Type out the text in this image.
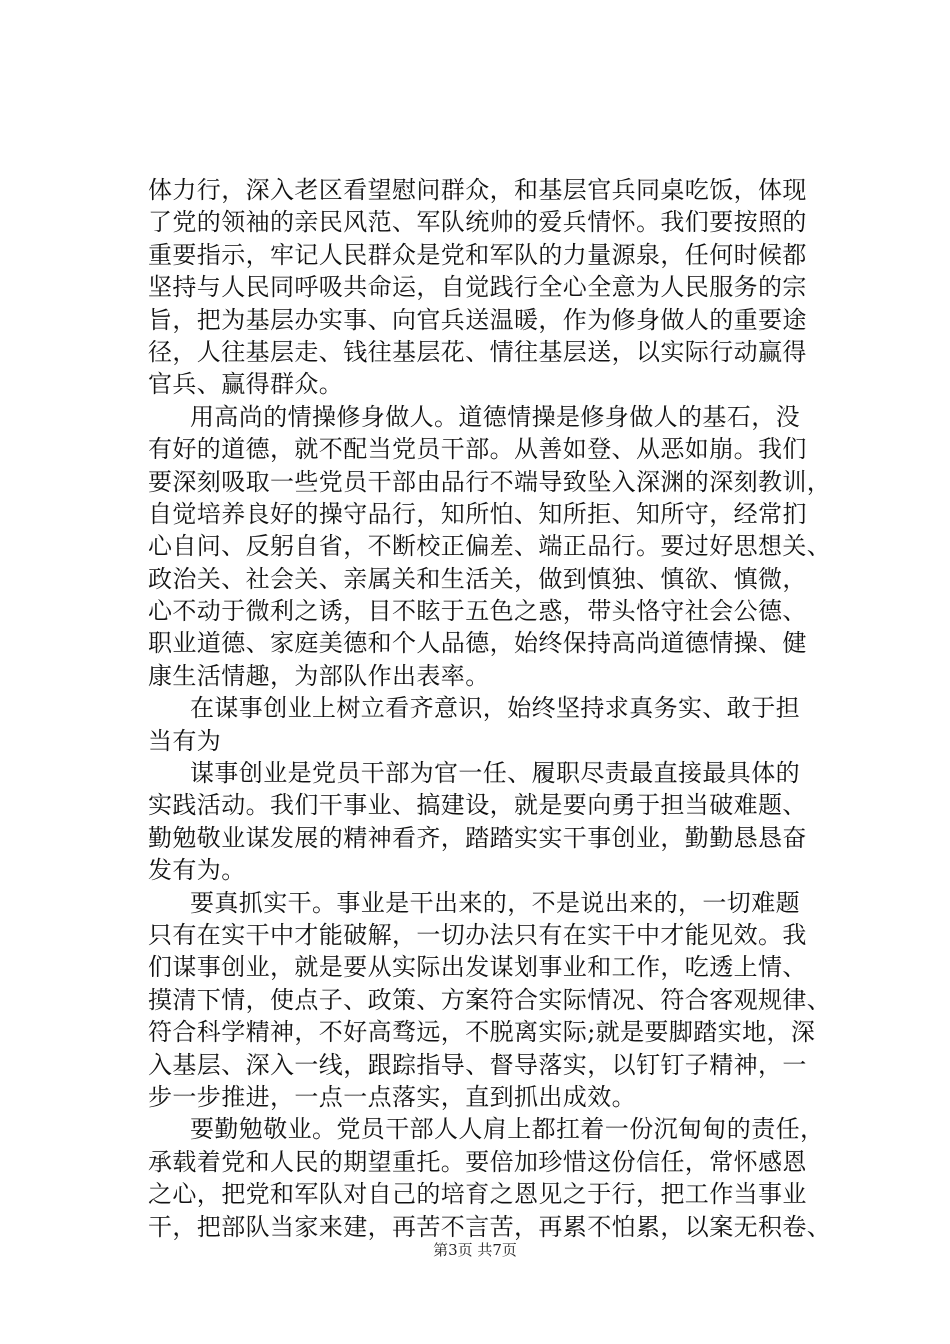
体力行，深入老区看望慰问群众，和基层官兵同桌吃饭，体现
了党的领袖的亲民风范、军队统帅的爱兵情怀。我们要按照的
重要指示，牢记人民群众是党和军队的力量源泉，任何时候都
坚持与人民同呼吸共命运，自觉践行全心全意为人民服务的宗
旨，把为基层办实事、向官兵送温暖，作为修身做人的重要途
径，人往基层走、钱往基层花、情往基层送，以实际行动赢得
官兵、赢得群众。
用高尚的情操修身做人。道德情操是修身做人的基石，没
有好的道德，就不配当党员干部。从善如登、从恶如崩。我们
要深刻吸取一些党员干部由品行不端导致坠入深渊的深刻教训，
自觉培养良好的操守品行，知所怕、知所拒、知所守，经常扪
心自问、反躬自省，不断校正偏差、端正品行。要过好思想关、
政治关、社会关、亲属关和生活关，做到慎独、慎欲、慎微，
心不动于微利之诱，目不眩于五色之惑，带头恪守社会公德、
职业道德、家庭美德和个人品德，始终保持高尚道德情操、健
康生活情趣，为部队作出表率。
在谋事创业上树立看齐意识，始终坚持求真务实、敢于担
当有为
谋事创业是党员干部为官一任、履职尽责最直接最具体的
实践活动。我们干事业、搞建设，就是要向勇于担当破难题、
勤勉敬业谋发展的精神看齐，踏踏实实干事创业，勤勤恳恳奋
发有为。
要真抓实干。事业是干出来的，不是说出来的，一切难题
只有在实干中才能破解，一切办法只有在实干中才能见效。我
们谋事创业，就是要从实际出发谋划事业和工作，吃透上情、
摸清下情，使点子、政策、方案符合实际情况、符合客观规律、
符合科学精神，不好高骛远，不脱离实际;就是要脚踏实地，深
入基层、深入一线，跟踪指导、督导落实，以钉钉子精神，一
步一步推进，一点一点落实，直到抓出成效。
要勤勉敬业。党员干部人人肩上都扛着一份沉甸甸的责任，
承载着党和人民的期望重托。要倍加珍惜这份信任，常怀感恩
之心，把党和军队对自己的培育之恩见之于行，把工作当事业
干，把部队当家来建，再苦不言苦，再累不怕累，以案无积卷、
第3页 共7页
